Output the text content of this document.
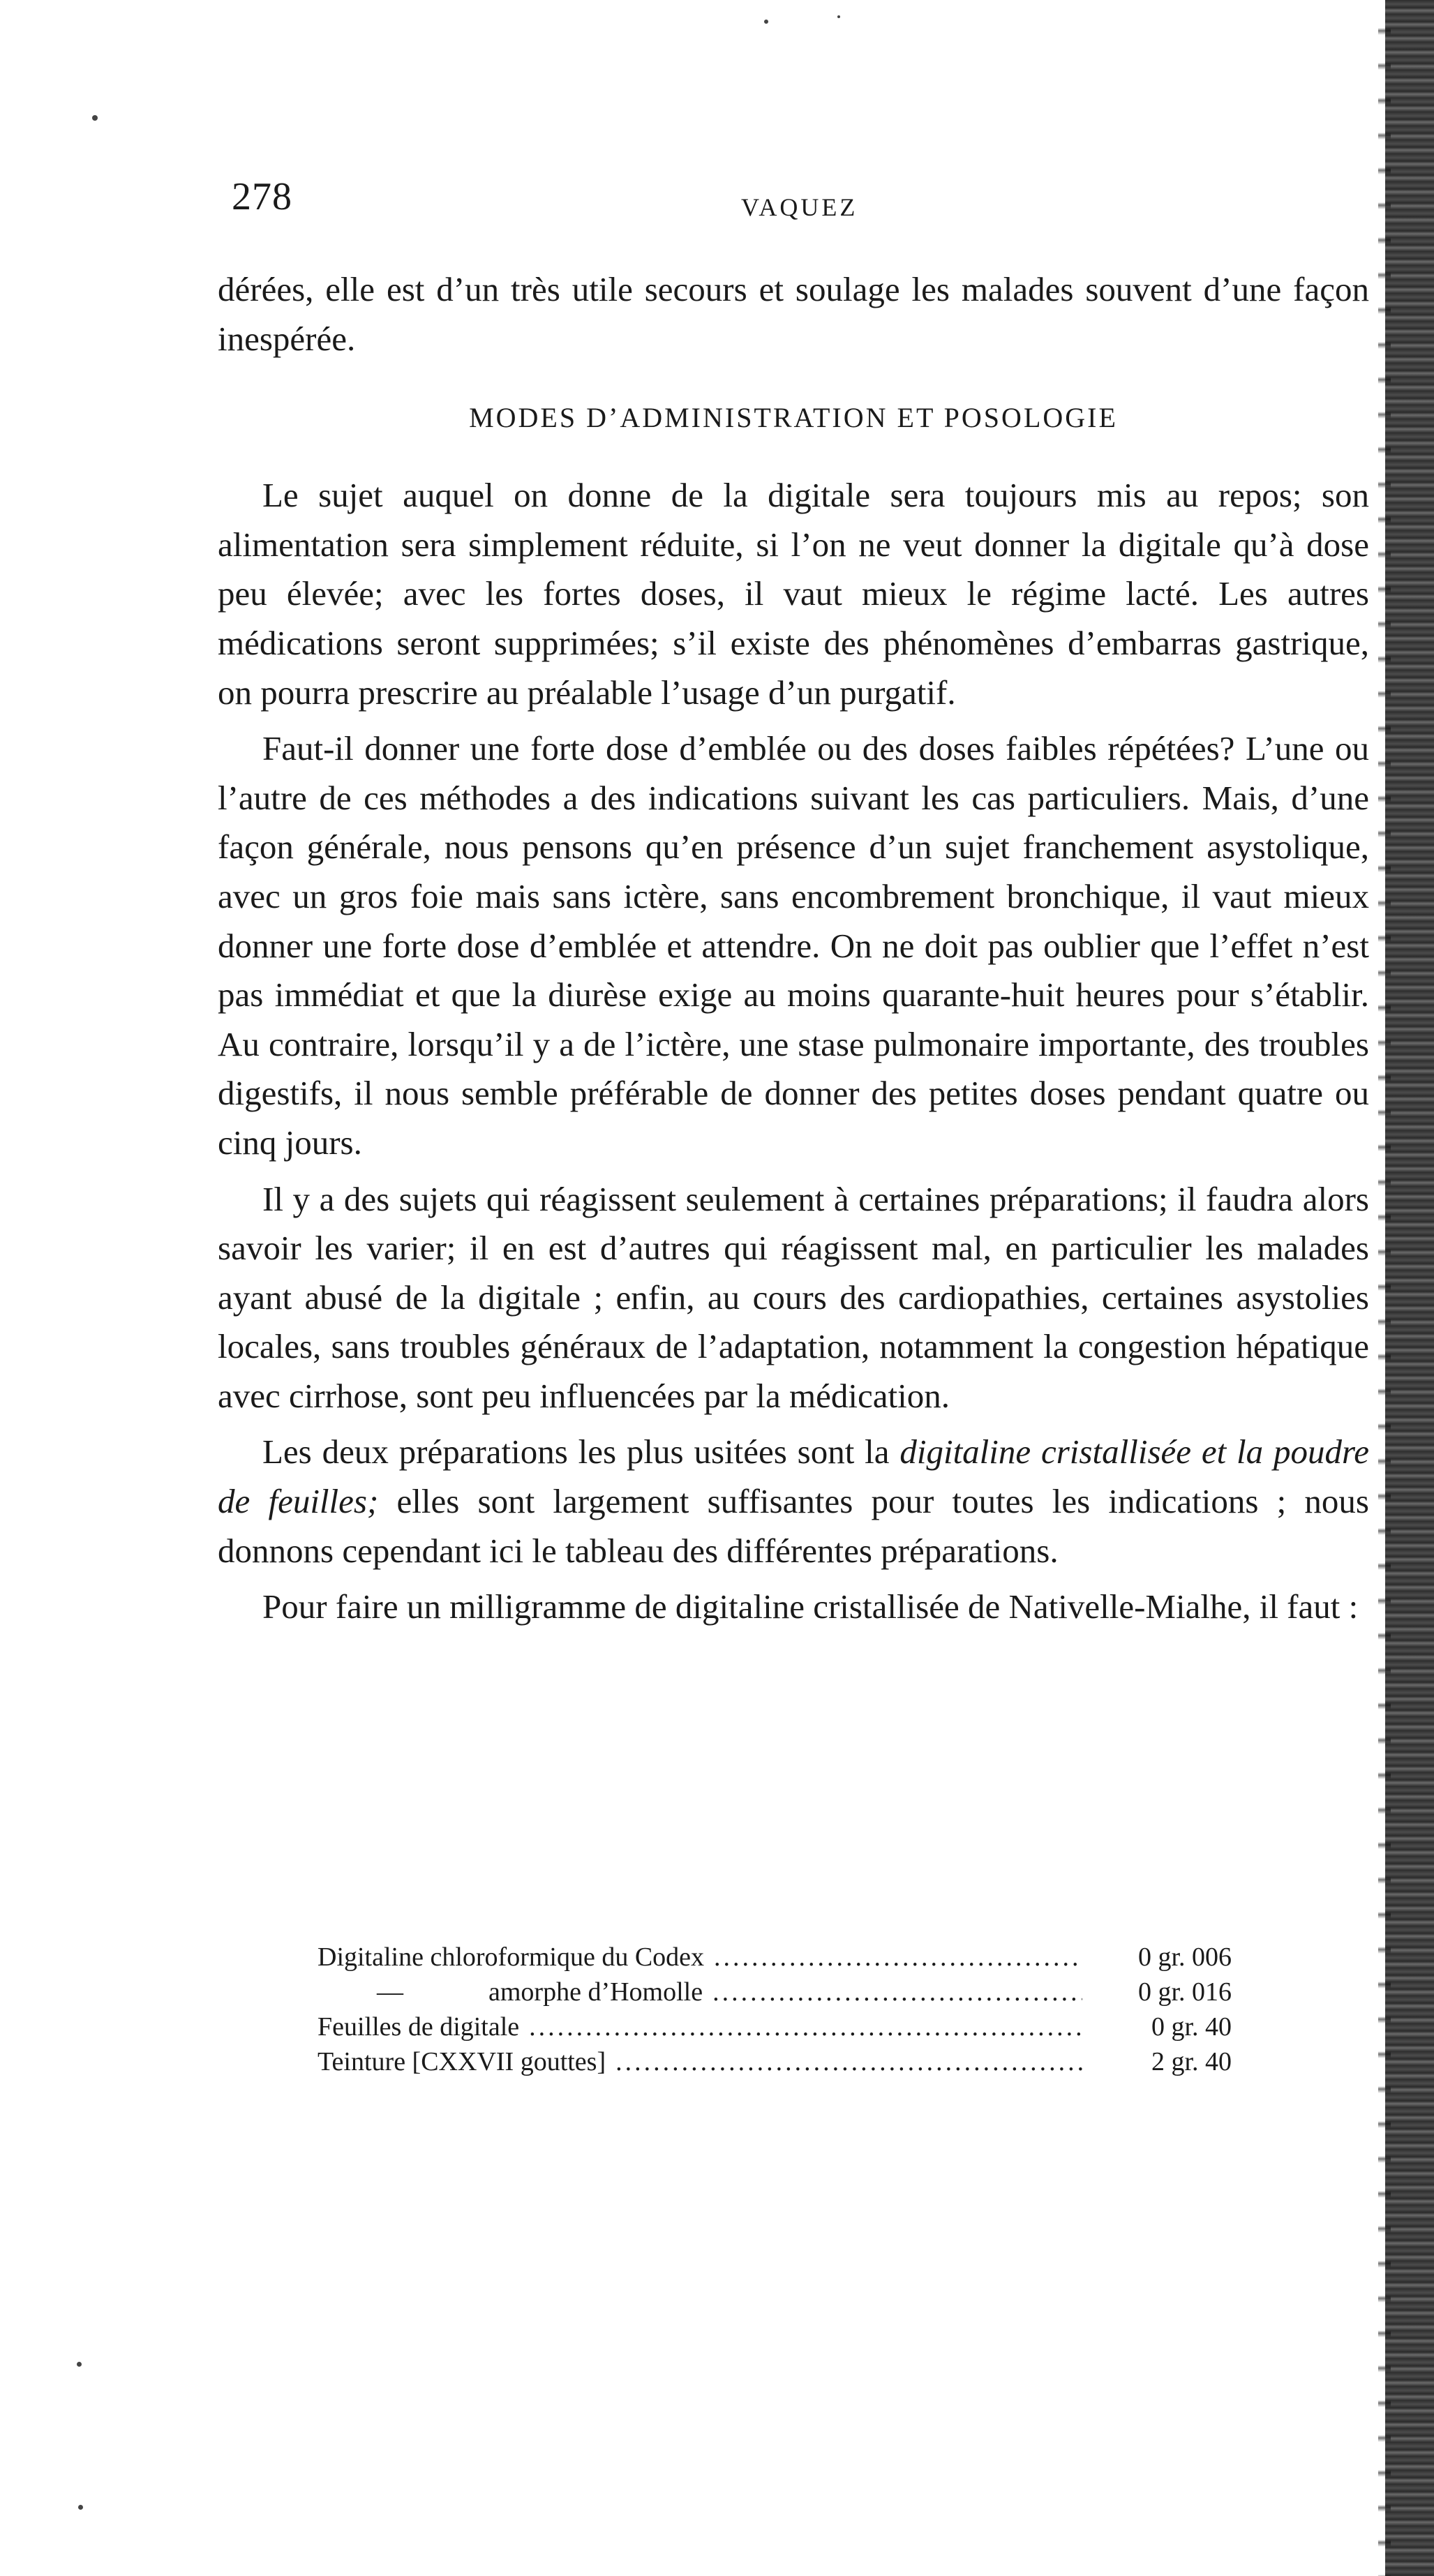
278	VAQUEZ

dérées, elle est d’un très utile secours et soulage les malades souvent d’une façon inespérée.

MODES D’ADMINISTRATION ET POSOLOGIE

Le sujet auquel on donne de la digitale sera toujours mis au repos; son alimentation sera simplement réduite, si l’on ne veut donner la digitale qu’à dose peu élevée; avec les fortes doses, il vaut mieux le régime lacté. Les autres médications seront supprimées; s’il existe des phénomènes d’embarras gastrique, on pourra prescrire au préalable l’usage d’un purgatif.

Faut-il donner une forte dose d’emblée ou des doses faibles répétées? L’une ou l’autre de ces méthodes a des indications suivant les cas particuliers. Mais, d’une façon générale, nous pensons qu’en présence d’un sujet franchement asystolique, avec un gros foie mais sans ictère, sans encombrement bronchique, il vaut mieux donner une forte dose d’emblée et attendre. On ne doit pas oublier que l’effet n’est pas immédiat et que la diurèse exige au moins quarante-huit heures pour s’établir. Au contraire, lorsqu’il y a de l’ictère, une stase pulmonaire importante, des troubles digestifs, il nous semble préférable de donner des petites doses pendant quatre ou cinq jours.

Il y a des sujets qui réagissent seulement à certaines préparations; il faudra alors savoir les varier; il en est d’autres qui réagissent mal, en particulier les malades ayant abusé de la digitale ; enfin, au cours des cardiopathies, certaines asystolies locales, sans troubles généraux de l’adaptation, notamment la congestion hépatique avec cirrhose, sont peu influencées par la médication.

Les deux préparations les plus usitées sont la digitaline cristallisée et la poudre de feuilles; elles sont largement suffisantes pour toutes les indications ; nous donnons cependant ici le tableau des différentes préparations.

Pour faire un milligramme de digitaline cristallisée de Nativelle-Mialhe, il faut :

Digitaline chloroformique du Codex .....	0 gr. 006
—	amorphe d’Homolle .....	0 gr. 016
Feuilles de digitale .....	0 gr. 40
Teinture [CXXVII gouttes] .....	2 gr. 40
